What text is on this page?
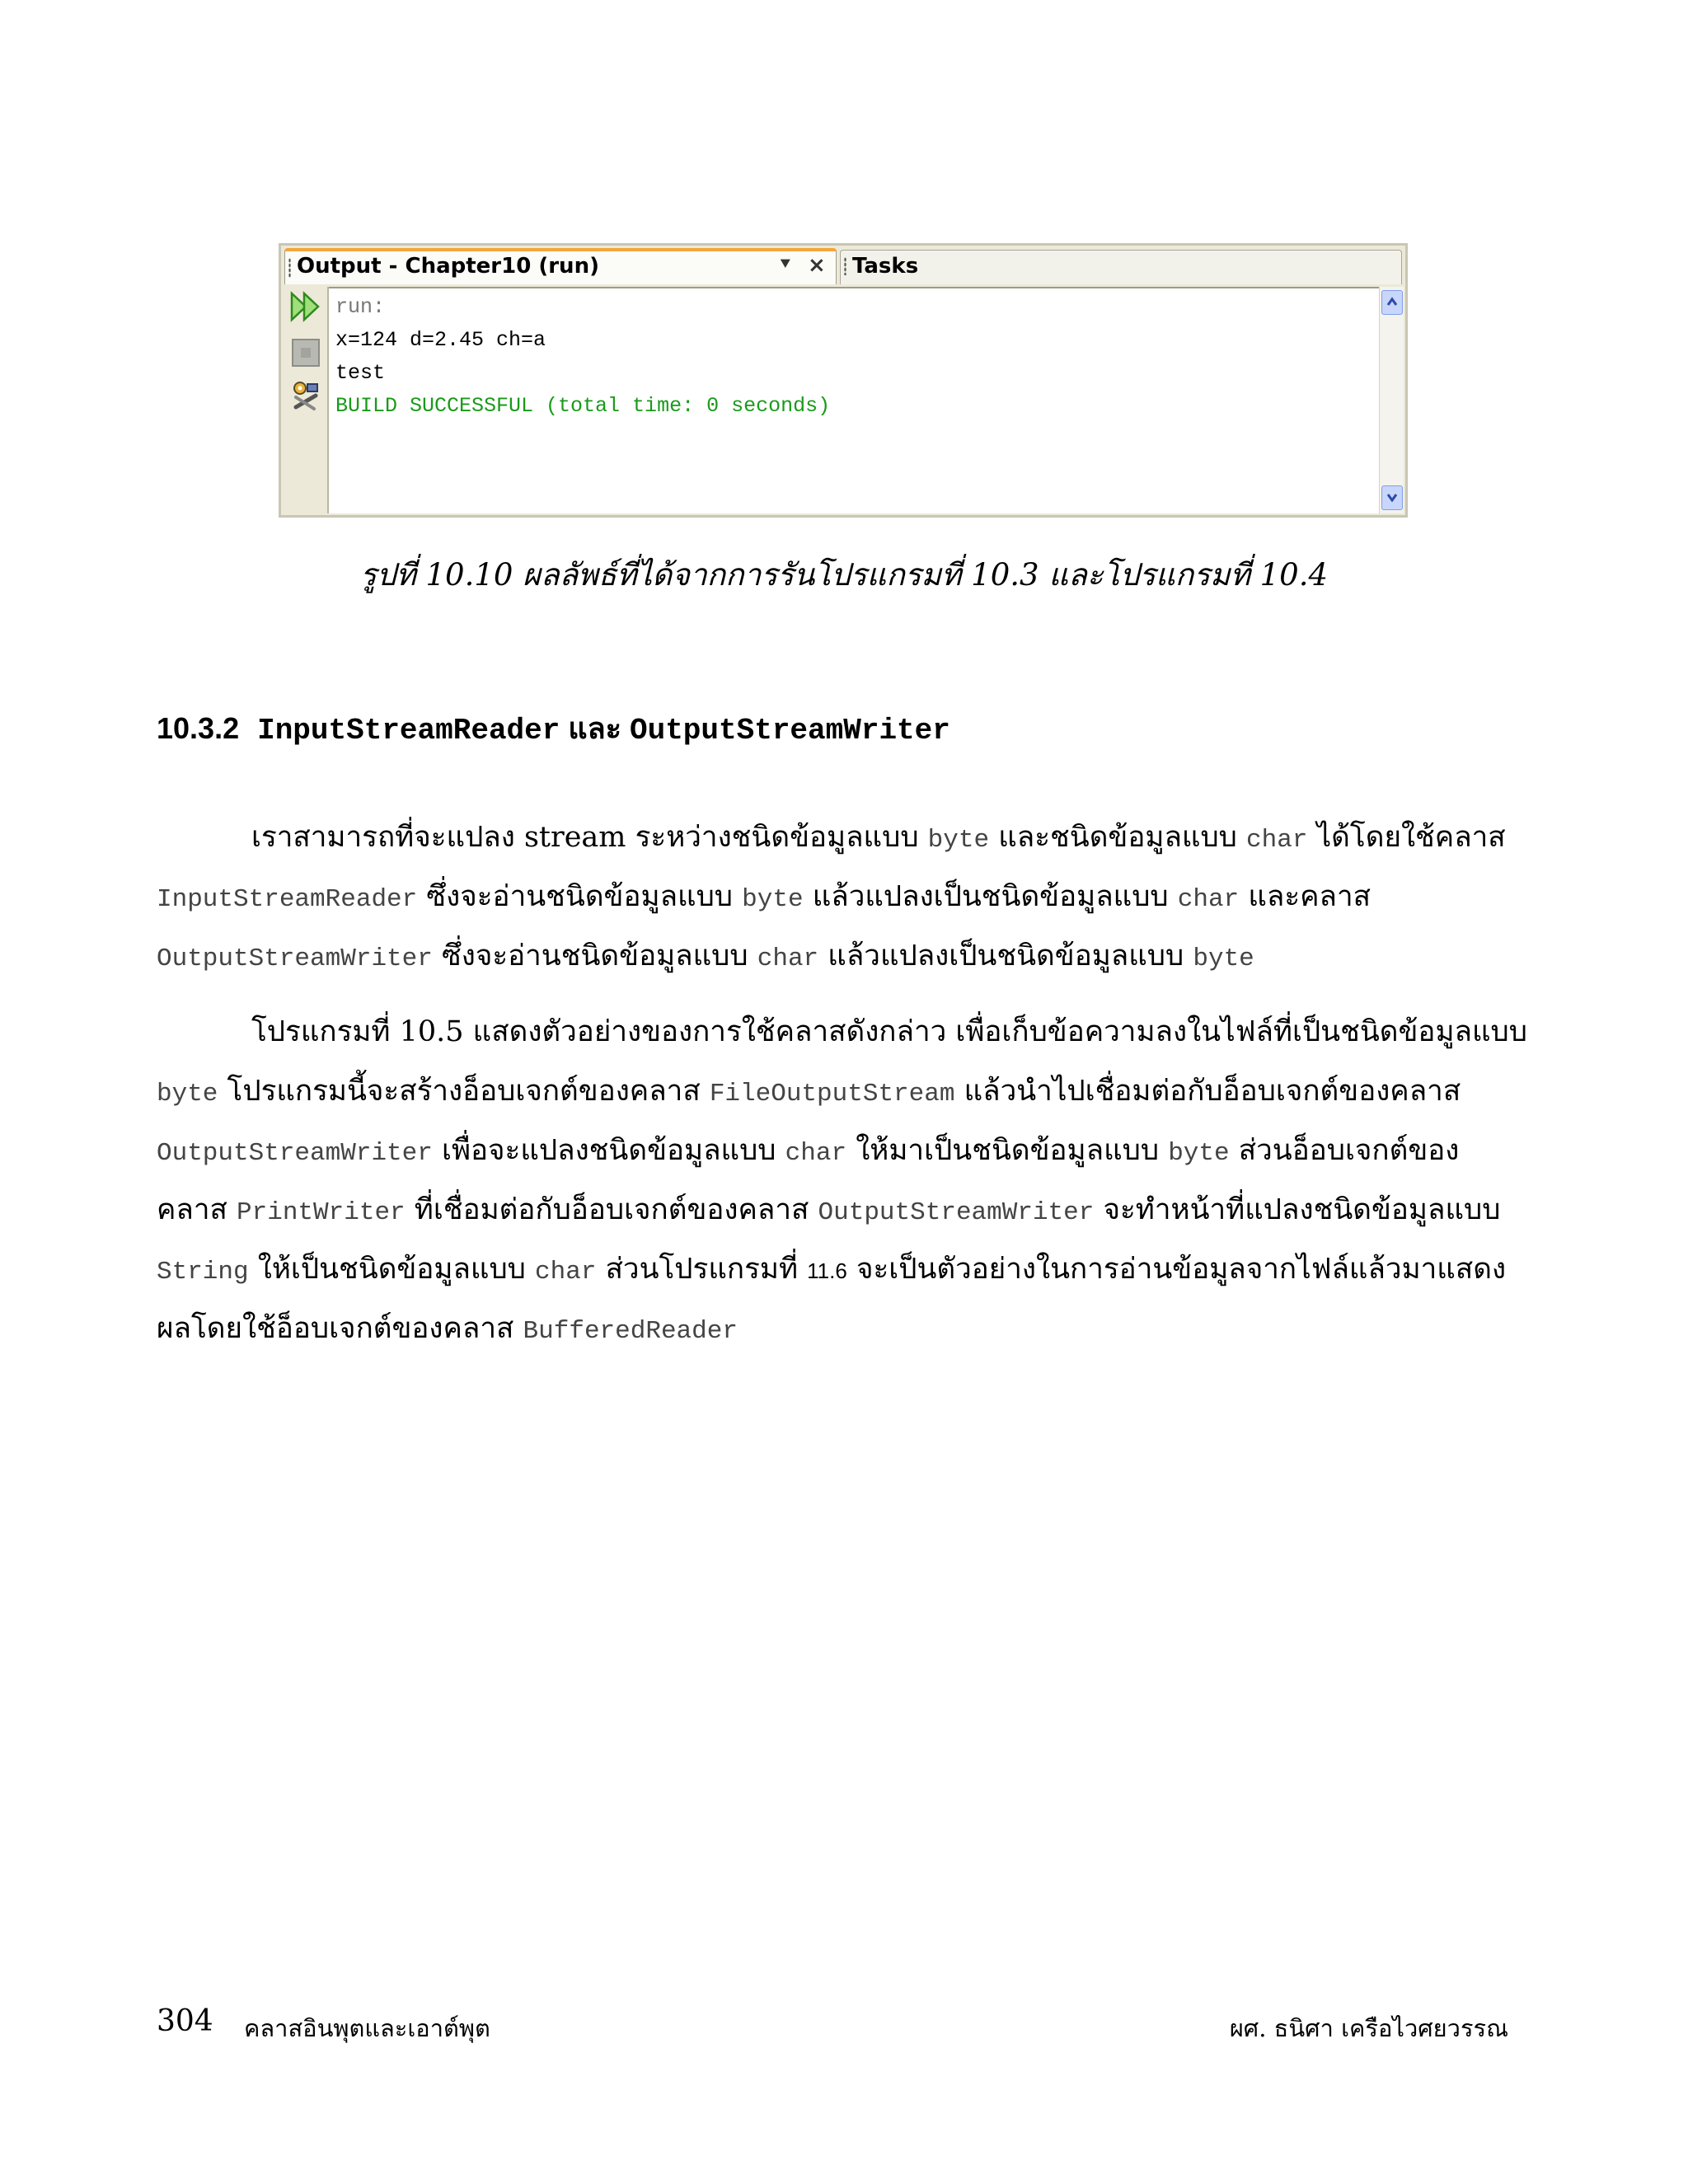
Output - Chapter10 (run)	⯆ × Tasks
run:
x=124 d=2.45 ch=a
test
BUILD SUCCESSFUL (total time: 0 seconds)
รูปที่ 10.10 ผลลัพธ์ที่ได้จากการรันโปรแกรมที่ 10.3 และโปรแกรมที่ 10.4
10.3.2 InputStreamReader และ OutputStreamWriter
เราสามารถที่จะแปลง stream ระหว่างชนิดข้อมูลแบบ byte และชนิดข้อมูลแบบ char ได้โดยใช้คลาส
InputStreamReader ซึ่งจะอ่านชนิดข้อมูลแบบ byte แล้วแปลงเป็นชนิดข้อมูลแบบ char และคลาส
OutputStreamWriter ซึ่งจะอ่านชนิดข้อมูลแบบ char แล้วแปลงเป็นชนิดข้อมูลแบบ byte
โปรแกรมที่ 10.5 แสดงตัวอย่างของการใช้คลาสดังกล่าว เพื่อเก็บข้อความลงในไฟล์ที่เป็นชนิดข้อมูลแบบ
byte โปรแกรมนี้จะสร้างอ็อบเจกต์ของคลาส FileOutputStream แล้วนำไปเชื่อมต่อกับอ็อบเจกต์ของคลาส
OutputStreamWriter เพื่อจะแปลงชนิดข้อมูลแบบ char ให้มาเป็นชนิดข้อมูลแบบ byte ส่วนอ็อบเจกต์ของ
คลาส PrintWriter ที่เชื่อมต่อกับอ็อบเจกต์ของคลาส OutputStreamWriter จะทำหน้าที่แปลงชนิดข้อมูลแบบ
String ให้เป็นชนิดข้อมูลแบบ char ส่วนโปรแกรมที่ 11.6 จะเป็นตัวอย่างในการอ่านข้อมูลจากไฟล์แล้วมาแสดง
ผลโดยใช้อ็อบเจกต์ของคลาส BufferedReader
304 คลาสอินพุตและเอาต์พุต	ผศ. ธนิศา เครือไวศยวรรณ
